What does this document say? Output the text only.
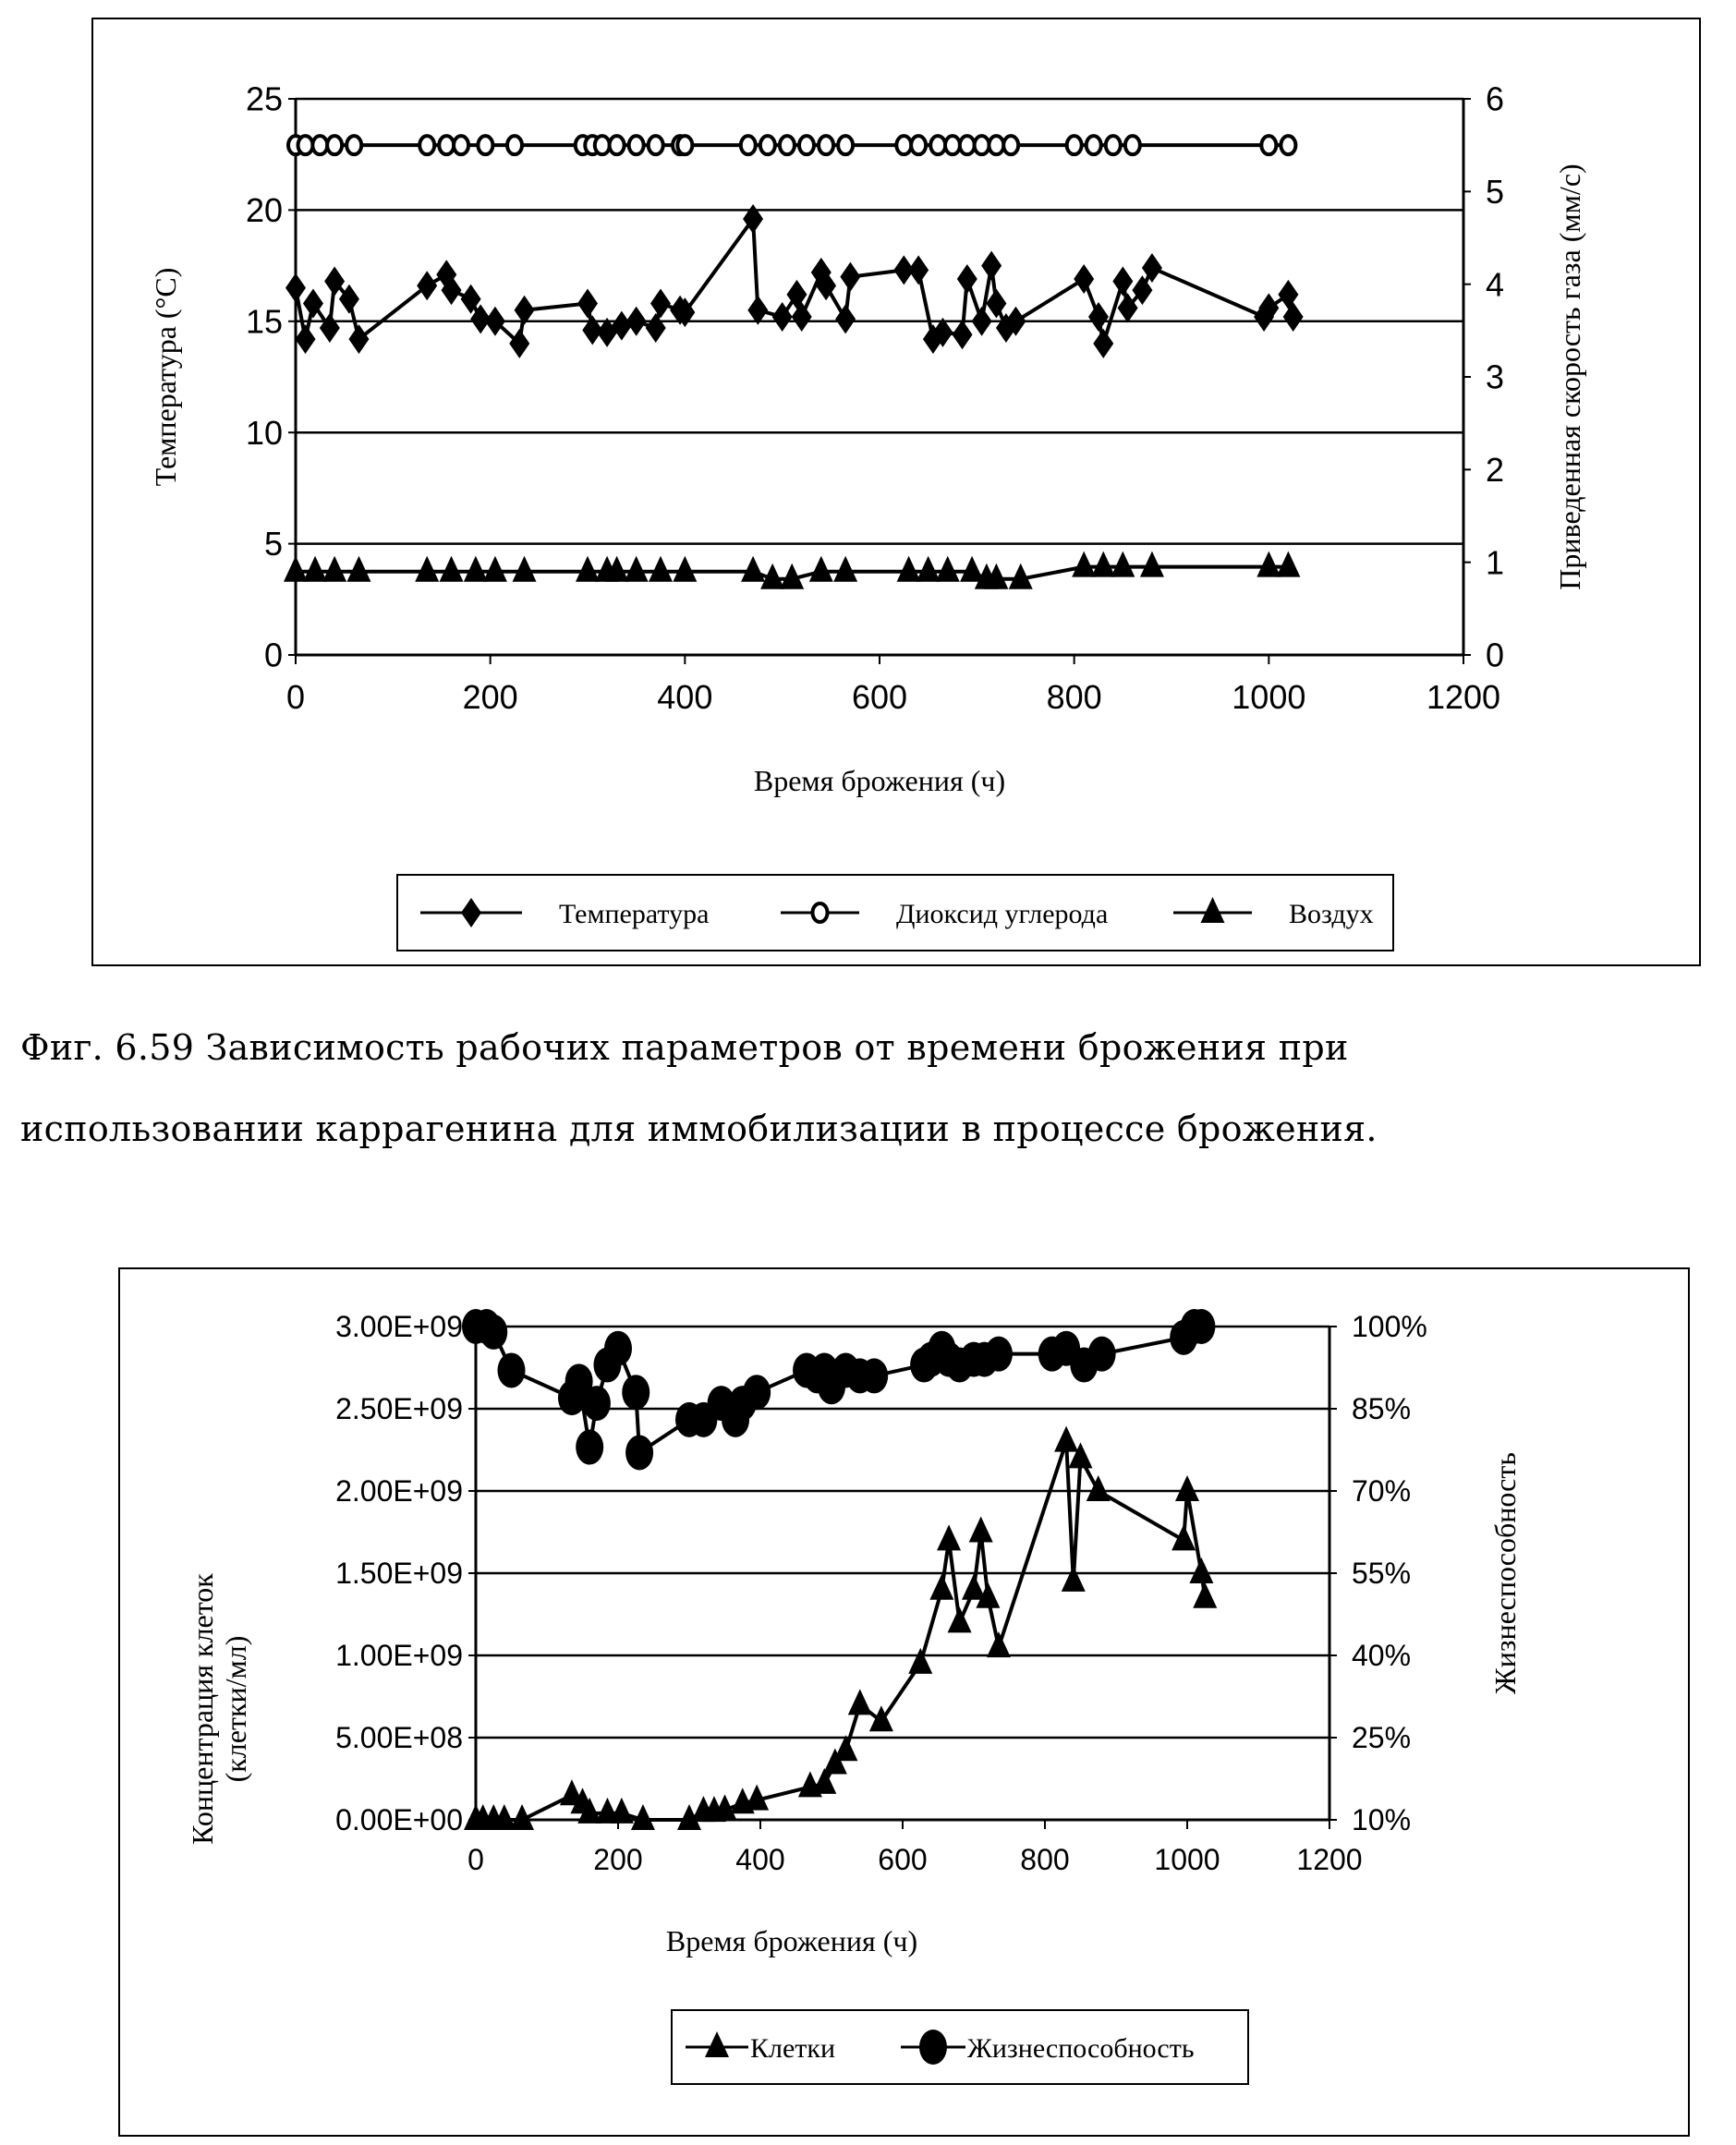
0
5
10
15
20
25
0
1
2
3
4
5
6
0	200	400	600	800	1000	1200
Время брожения (ч)
Температура (°C)	Приведенная скорость газа (мм/с)
Температура	Диоксид углерода	Воздух
0.00E+00
5.00E+08
1.00E+09
1.50E+09
2.00E+09
2.50E+09
3.00E+09
10%
25%
40%
55%
70%
85%
100%
0	200	400	600	800	1000	1200
Время брожения (ч)
Концентрация клеток(клетки/мл)
Жизнеспособность
Клетки	Жизнеспособность
Фиг. 6.59 Зависимость рабочих параметров от времени брожения при
использовании каррагенина для иммобилизации в процессе брожения.
